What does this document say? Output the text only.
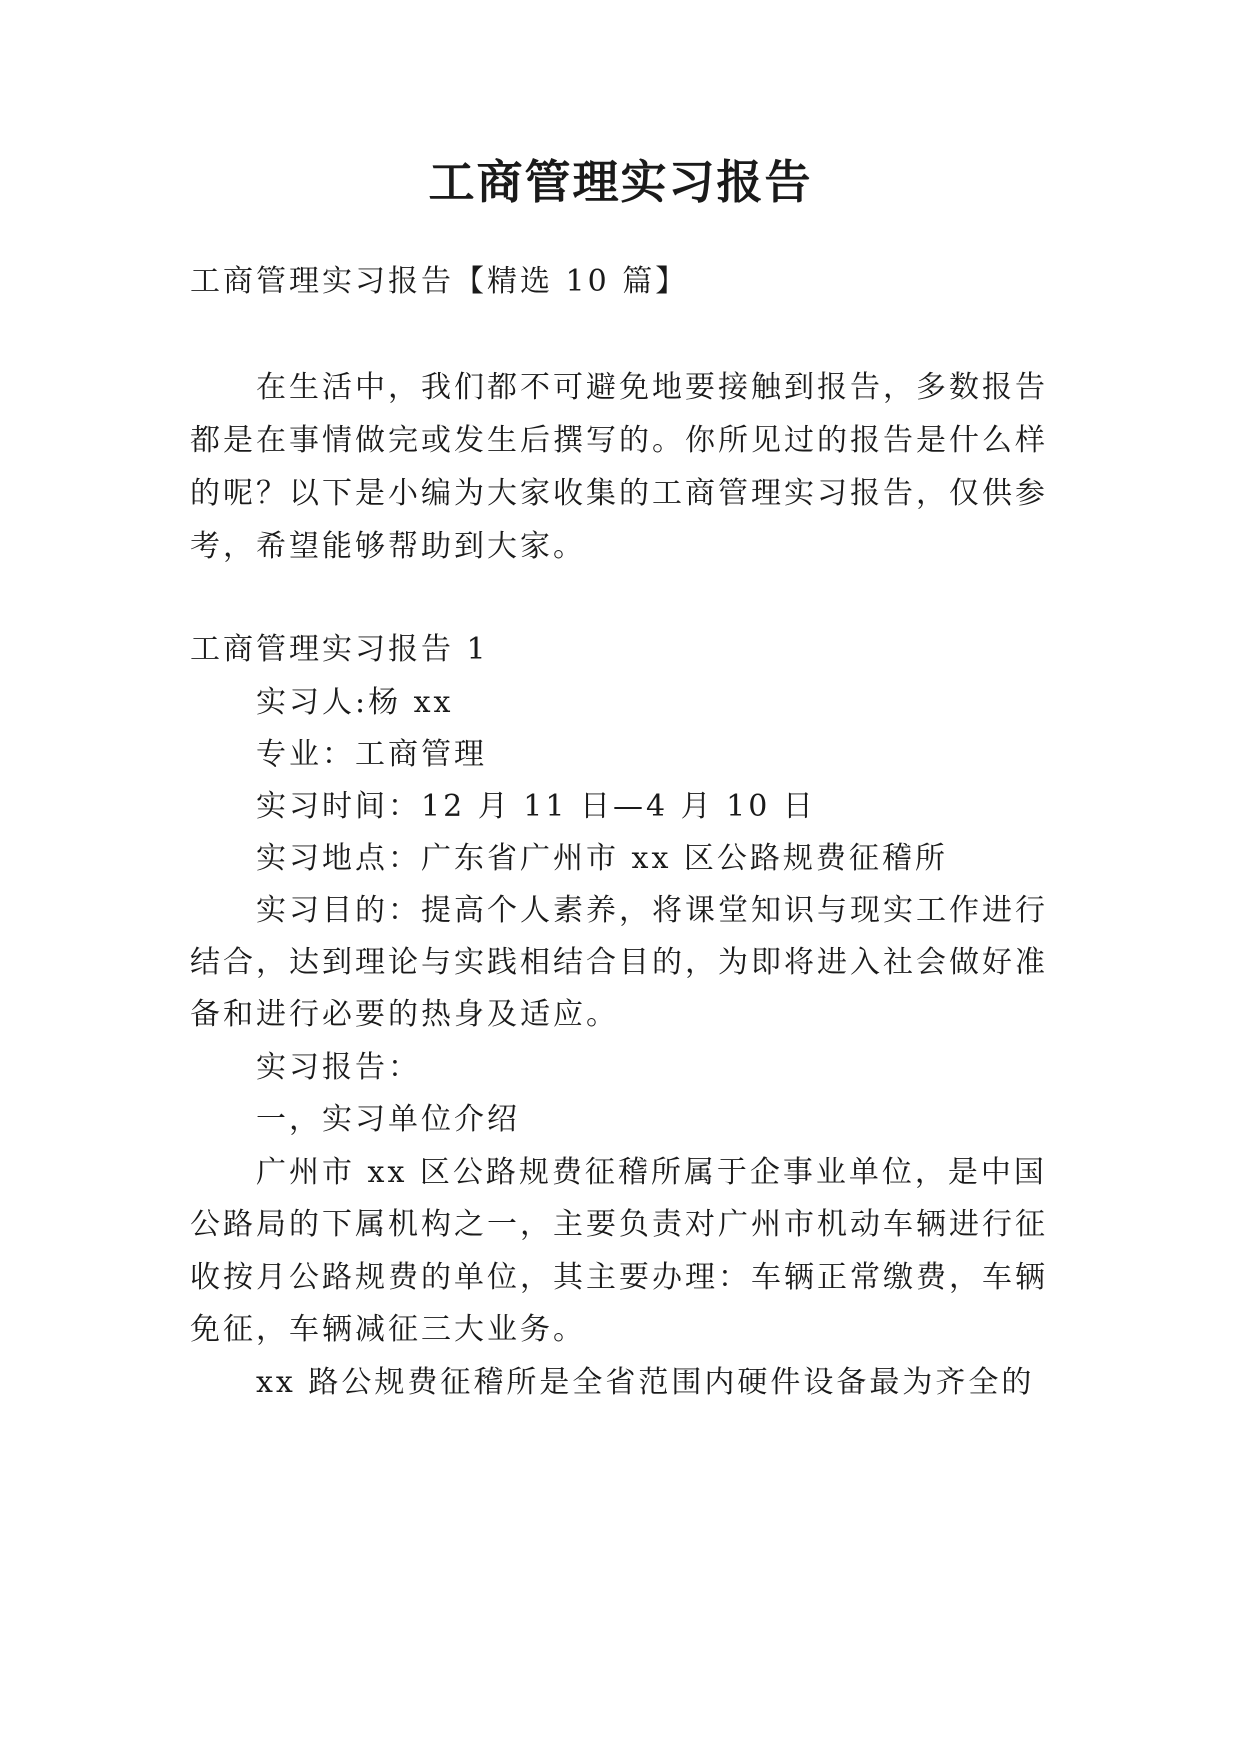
工商管理实习报告
工商管理实习报告【精选 10 篇】
在生活中，我们都不可避免地要接触到报告，多数报告
都是在事情做完或发生后撰写的。你所见过的报告是什么样
的呢？以下是小编为大家收集的工商管理实习报告，仅供参
考，希望能够帮助到大家。
工商管理实习报告 1
实习人:杨 xx
专业：工商管理
实习时间：12 月 11 日—4 月 10 日
实习地点：广东省广州市 xx 区公路规费征稽所
实习目的：提高个人素养，将课堂知识与现实工作进行
结合，达到理论与实践相结合目的，为即将进入社会做好准
备和进行必要的热身及适应。
实习报告：
一，实习单位介绍
广州市 xx 区公路规费征稽所属于企事业单位，是中国
公路局的下属机构之一，主要负责对广州市机动车辆进行征
收按月公路规费的单位，其主要办理：车辆正常缴费，车辆
免征，车辆减征三大业务。
xx 路公规费征稽所是全省范围内硬件设备最为齐全的
